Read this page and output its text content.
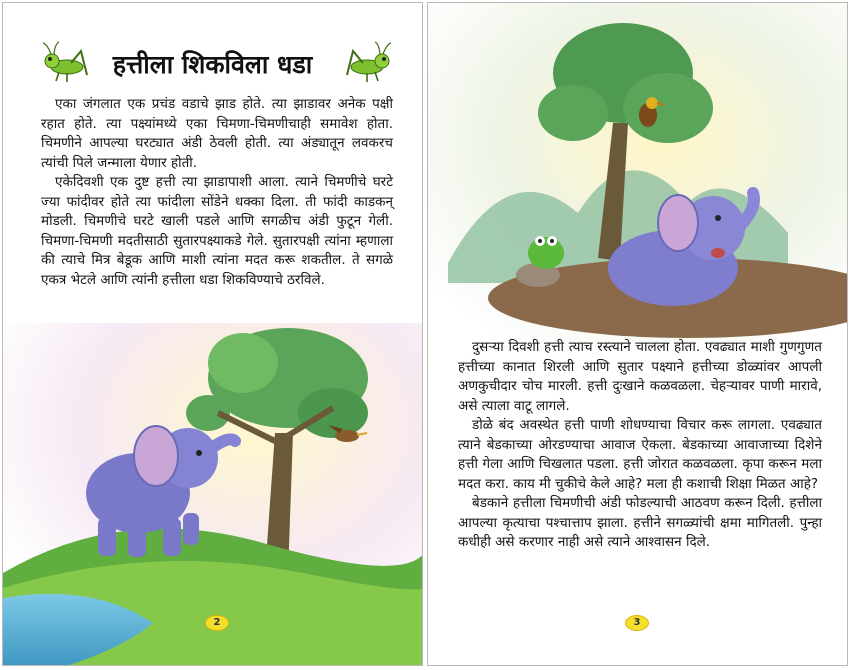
हत्तीला शिकविला धडा

एका जंगलात एक प्रचंड वडाचे झाड होते. त्या झाडावर अनेक पक्षी रहात होते. त्या पक्ष्यांमध्ये एका चिमणा-चिमणीचाही समावेश होता. चिमणीने आपल्या घरट्यात अंडी ठेवली होती. त्या अंड्यातून लवकरच त्यांची पिले जन्माला येणार होती.

एकेदिवशी एक दुष्ट हत्ती त्या झाडापाशी आला. त्याने चिमणीचे घरटे ज्या फांदीवर होते त्या फांदीला सोंडेने धक्का दिला. ती फांदी काडकन् मोडली. चिमणीचे घरटे खाली पडले आणि सगळीच अंडी फुटून गेली. चिमणा-चिमणी मदतीसाठी सुतारपक्ष्याकडे गेले. सुतारपक्षी त्यांना म्हणाला की त्याचे मित्र बेडूक आणि माशी त्यांना मदत करू शकतील. ते सगळे एकत्र भेटले आणि त्यांनी हत्तीला धडा शिकविण्याचे ठरविले.

2

दुसऱ्या दिवशी हत्ती त्याच रस्त्याने चालला होता. एवढ्यात माशी गुणगुणत हत्तीच्या कानात शिरली आणि सुतार पक्ष्याने हत्तीच्या डोळ्यांवर आपली अणकुचीदार चोच मारली. हत्ती दुःखाने कळवळला. चेहऱ्यावर पाणी मारावे, असे त्याला वाटू लागले.

डोळे बंद अवस्थेत हत्ती पाणी शोधण्याचा विचार करू लागला. एवढ्यात त्याने बेडकाच्या ओरडण्याचा आवाज ऐकला. बेडकाच्या आवाजाच्या दिशेने हत्ती गेला आणि चिखलात पडला. हत्ती जोरात कळवळला. कृपा करून मला मदत करा. काय मी चुकीचे केले आहे? मला ही कशाची शिक्षा मिळत आहे?

बेडकाने हत्तीला चिमणीची अंडी फोडल्याची आठवण करून दिली. हत्तीला आपल्या कृत्याचा पश्चात्ताप झाला. हत्तीने सगळ्यांची क्षमा मागितली. पुन्हा कधीही असे करणार नाही असे त्याने आश्वासन दिले.

3
